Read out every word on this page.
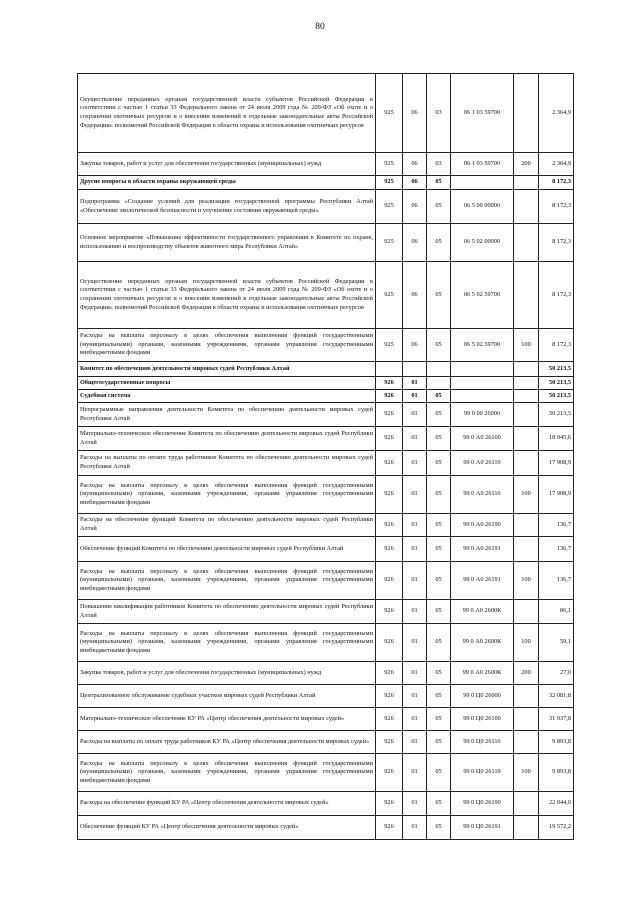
80
Осуществление переданных органам государственной власти субъектов Российской Федерации в соответствии с частью 1 статьи 33 Федерального закона от 24 июля 2009 года № 209-ФЗ «Об охоте и о сохранении охотничьих ресурсов и о внесении изменений в отдельные законодательные акты Российской Федерации» полномочий Российской Федерации в области охраны и использования охотничьих ресурсов	925	06	03	06 1 03 59700		2 364,9
Закупка товаров, работ и услуг для обеспечения государственных (муниципальных) нужд	925	06	03	06 1 03 59700	200	2 364,9
Другие вопросы в области охраны окружающей среды	925	06	05			8 172,3
Подпрограмма «Создание условий для реализации государственной программы Республики Алтай «Обеспечение экологической безопасности и улучшение состояния окружающей среды»	925	06	05	06 5 00 00000		8 172,3
Основное мероприятие «Повышение эффективности государственного управления в Комитете по охране, использованию и воспроизводству объектов животного мира Республики Алтай»	925	06	05	06 5 02 00000		8 172,3
Осуществление переданных органам государственной власти субъектов Российской Федерации в соответствии с частью 1 статьи 33 Федерального закона от 24 июля 2009 года № 209-ФЗ «Об охоте и о сохранении охотничьих ресурсов и о внесении изменений в отдельные законодательные акты Российской Федерации» полномочий Российской Федерации в области охраны и использования охотничьих ресурсов	925	06	05	06 5 02 59700		8 172,3
Расходы на выплаты персоналу в целях обеспечения выполнения функций государственными (муниципальными) органами, казенными учреждениями, органами управления государственными внебюджетными фондами	925	06	05	06 5 02 59700	100	8 172,3
Комитет по обеспечению деятельности мировых судей Республики Алтай						50 213,5
Общегосударственные вопросы	926	01				50 213,5
Судебная система	926	01	05			50 213,5
Непрограммные направления деятельности Комитета по обеспечению деятельности мировых судей Республики Алтай	926	01	05	99 0 00 26000		50 213,5
Материально-техническое обеспечение Комитета по обеспечению деятельности мировых судей Республики Алтай	926	01	05	99 0 А0 26100		18 045,6
Расходы на выплаты по оплате труда работников Комитета по обеспечению деятельности мировых судей Республики Алтай	926	01	05	99 0 А0 26110		17 908,9
Расходы на выплаты персоналу в целях обеспечения выполнения функций государственными (муниципальными) органами, казенными учреждениями, органами управления государственными внебюджетными фондами	926	01	05	99 0 А0 26110	100	17 908,9
Расходы на обеспечение функций Комитета по обеспечению деятельности мировых судей Республики Алтай	926	01	05	99 0 А0 26190		136,7
Обеспечение функций Комитета по обеспечению деятельности мировых судей Республики Алтай	926	01	05	99 0 А0 26191		136,7
Расходы на выплаты персоналу в целях обеспечения выполнения функций государственными (муниципальными) органами, казенными учреждениями, органами управления государственными внебюджетными фондами	926	01	05	99 0 А0 26191	100	136,7
Повышение квалификации работников Комитета по обеспечению деятельности мировых судей Республики Алтай	926	01	05	99 0 А0 2600К		86,1
Расходы на выплаты персоналу в целях обеспечения выполнения функций государственными (муниципальными) органами, казенными учреждениями, органами управления государственными внебюджетными фондами	926	01	05	99 0 А0 2600К	100	59,1
Закупка товаров, работ и услуг для обеспечения государственных (муниципальных) нужд	926	01	05	99 0 А0 2600К	200	27,0
Централизованное обслуживание судебных участков мировых судей Республики Алтай	926	01	05	99 0 Ц0 26000		32 081,8
Материально-техническое обеспечение КУ РА «Центр обеспечения деятельности мировых судей»	926	01	05	99 0 Ц0 26100		31 937,8
Расходы на выплаты по оплате труда работников КУ РА «Центр обеспечения деятельности мировых судей»	926	01	05	99 0 Ц0 26110		9 893,8
Расходы на выплаты персоналу в целях обеспечения выполнения функций государственными (муниципальными) органами, казенными учреждениями, органами управления государственными внебюджетными фондами	926	01	05	99 0 Ц0 26110	100	9 893,8
Расходы на обеспечение функций КУ РА «Центр обеспечения деятельности мировых судей»	926	01	05	99 0 Ц0 26190		22 044,0
Обеспечение функций КУ РА «Центр обеспечения деятельности мировых судей»	926	01	05	99 0 Ц0 26191		19 572,2
